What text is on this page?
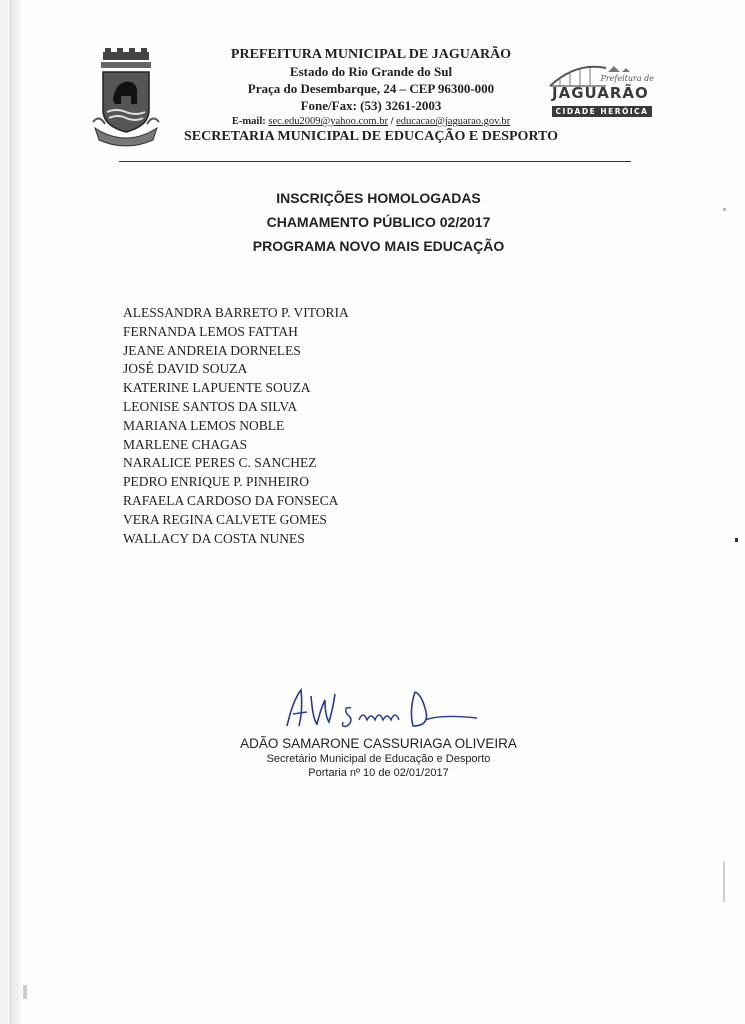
PREFEITURA MUNICIPAL DE JAGUARÃO
Estado do Rio Grande do Sul
Praça do Desembarque, 24 – CEP 96300-000
Fone/Fax: (53) 3261-2003
E-mail: sec.edu2009@yahoo.com.br / educacao@jaguarao.gov.br
SECRETARIA MUNICIPAL DE EDUCAÇÃO E DESPORTO
Prefeitura de
JAGUARÃO
CIDADE HERÓICA
INSCRIÇÕES HOMOLOGADAS
CHAMAMENTO PÚBLICO 02/2017
PROGRAMA NOVO MAIS EDUCAÇÃO
ALESSANDRA BARRETO P. VITORIA
FERNANDA LEMOS FATTAH
JEANE ANDREIA DORNELES
JOSÉ DAVID SOUZA
KATERINE LAPUENTE SOUZA
LEONISE SANTOS DA SILVA
MARIANA LEMOS NOBLE
MARLENE CHAGAS
NARALICE PERES C. SANCHEZ
PEDRO ENRIQUE P. PINHEIRO
RAFAELA CARDOSO DA FONSECA
VERA REGINA CALVETE GOMES
WALLACY DA COSTA NUNES
ADÃO SAMARONE CASSURIAGA OLIVEIRA
Secretário Municipal de Educação e Desporto
Portaria nº 10 de 02/01/2017
